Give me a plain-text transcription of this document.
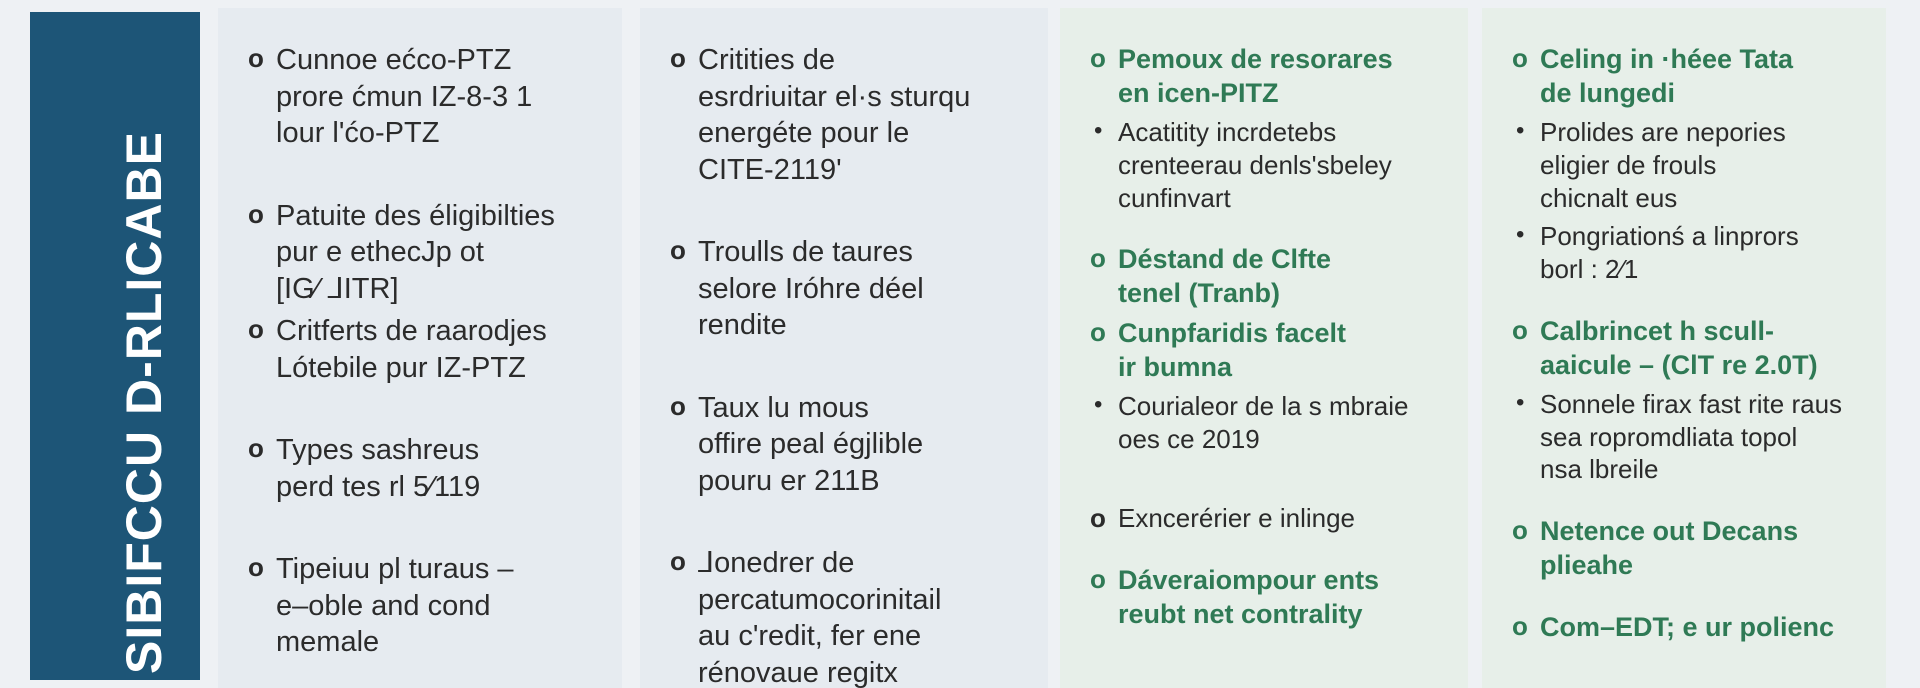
SIBIFCCU D-RLICABE
o Cunnoe ećco-PTZ
prore ćmun IZ-8-3 1
lour l'ćo-PTZ
o Patuite des éligibilties
pur e ethecJp ot
[IG⁄ ⅃ITR]
o Critferts de raarodjes
Lótebile pur IZ-PTZ
o Types sashreus
perd tes rl 5⁄119
o Tipeiuu pl turaus –
e–oble and cond
memale
o Critities de
esrdriuitar el·s sturqu
energéte pour le
CITE-2119'
o Troulls de taures
selore Iróhre déel
rendite
o Taux lu mous
offire peal égjlible
pouru er 211B
o ⅃onedrer de
percatumocorinitail
au c'redit, fer ene
rénovaue regitx
o Pemoux de resorares
en icen-PITZ
• Acatitity incrdetebs
crenteerau denls'sbeley
cunfinvart
o Déstand de Clfte
tenel (Tranb)
o Cunpfaridis facelt
ir bumna
• Courialeor de la s mbraie
oes ce 2019
o Exncerérier e inlinge
o Dáveraiompour ents
reubt net contrality
o Celing in ·héee Tata
de lungedi
• Prolides are nepories
eligier de frouls
chicnalt eus
• Pongriationś a linprors
borl : 2⁄1
o Calbrincet h scull-
aaicule – (ClT re 2.0T)
• Sonnele firax fast rite raus
sea ropromdliata topol
nsa lbreile
o Netence out Decans
plieahe
o Com–EDT; e ur polienc
